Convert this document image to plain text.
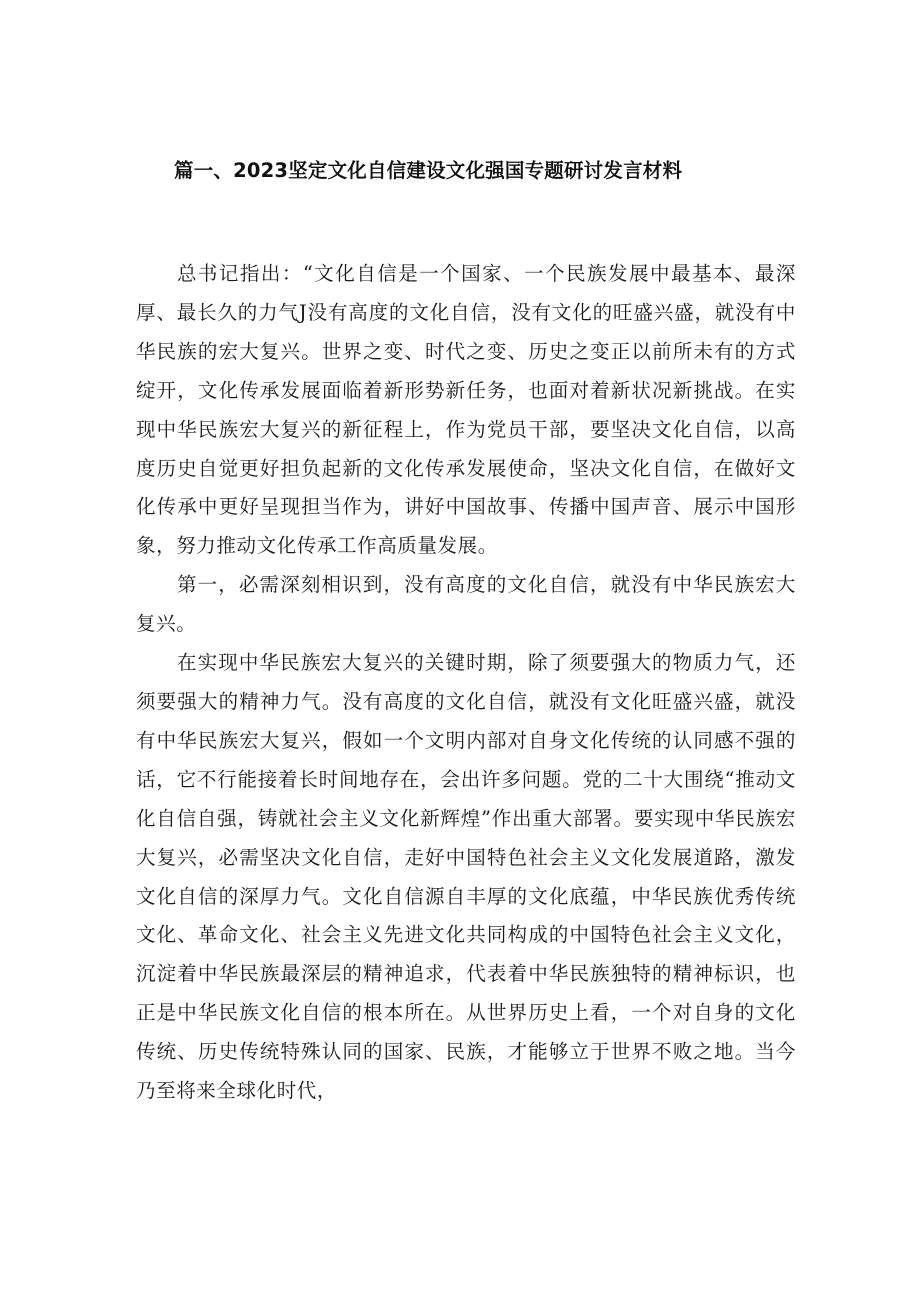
篇一、2023坚定文化自信建设文化强国专题研讨发言材料

总书记指出：“文化自信是一个国家、一个民族发展中最基本、最深厚、最长久的力气J没有高度的文化自信，没有文化的旺盛兴盛，就没有中华民族的宏大复兴。世界之变、时代之变、历史之变正以前所未有的方式绽开，文化传承发展面临着新形势新任务，也面对着新状况新挑战。在实现中华民族宏大复兴的新征程上，作为党员干部，要坚决文化自信，以高度历史自觉更好担负起新的文化传承发展使命，坚决文化自信，在做好文化传承中更好呈现担当作为，讲好中国故事、传播中国声音、展示中国形象，努力推动文化传承工作高质量发展。

第一，必需深刻相识到，没有高度的文化自信，就没有中华民族宏大复兴。

在实现中华民族宏大复兴的关键时期，除了须要强大的物质力气，还须要强大的精神力气。没有高度的文化自信，就没有文化旺盛兴盛，就没有中华民族宏大复兴，假如一个文明内部对自身文化传统的认同感不强的话，它不行能接着长时间地存在，会出许多问题。党的二十大围绕“推动文化自信自强，铸就社会主义文化新辉煌”作出重大部署。要实现中华民族宏大复兴，必需坚决文化自信，走好中国特色社会主义文化发展道路，激发文化自信的深厚力气。文化自信源自丰厚的文化底蕴，中华民族优秀传统文化、革命文化、社会主义先进文化共同构成的中国特色社会主义文化，沉淀着中华民族最深层的精神追求，代表着中华民族独特的精神标识，也正是中华民族文化自信的根本所在。从世界历史上看，一个对自身的文化传统、历史传统特殊认同的国家、民族，才能够立于世界不败之地。当今乃至将来全球化时代，
